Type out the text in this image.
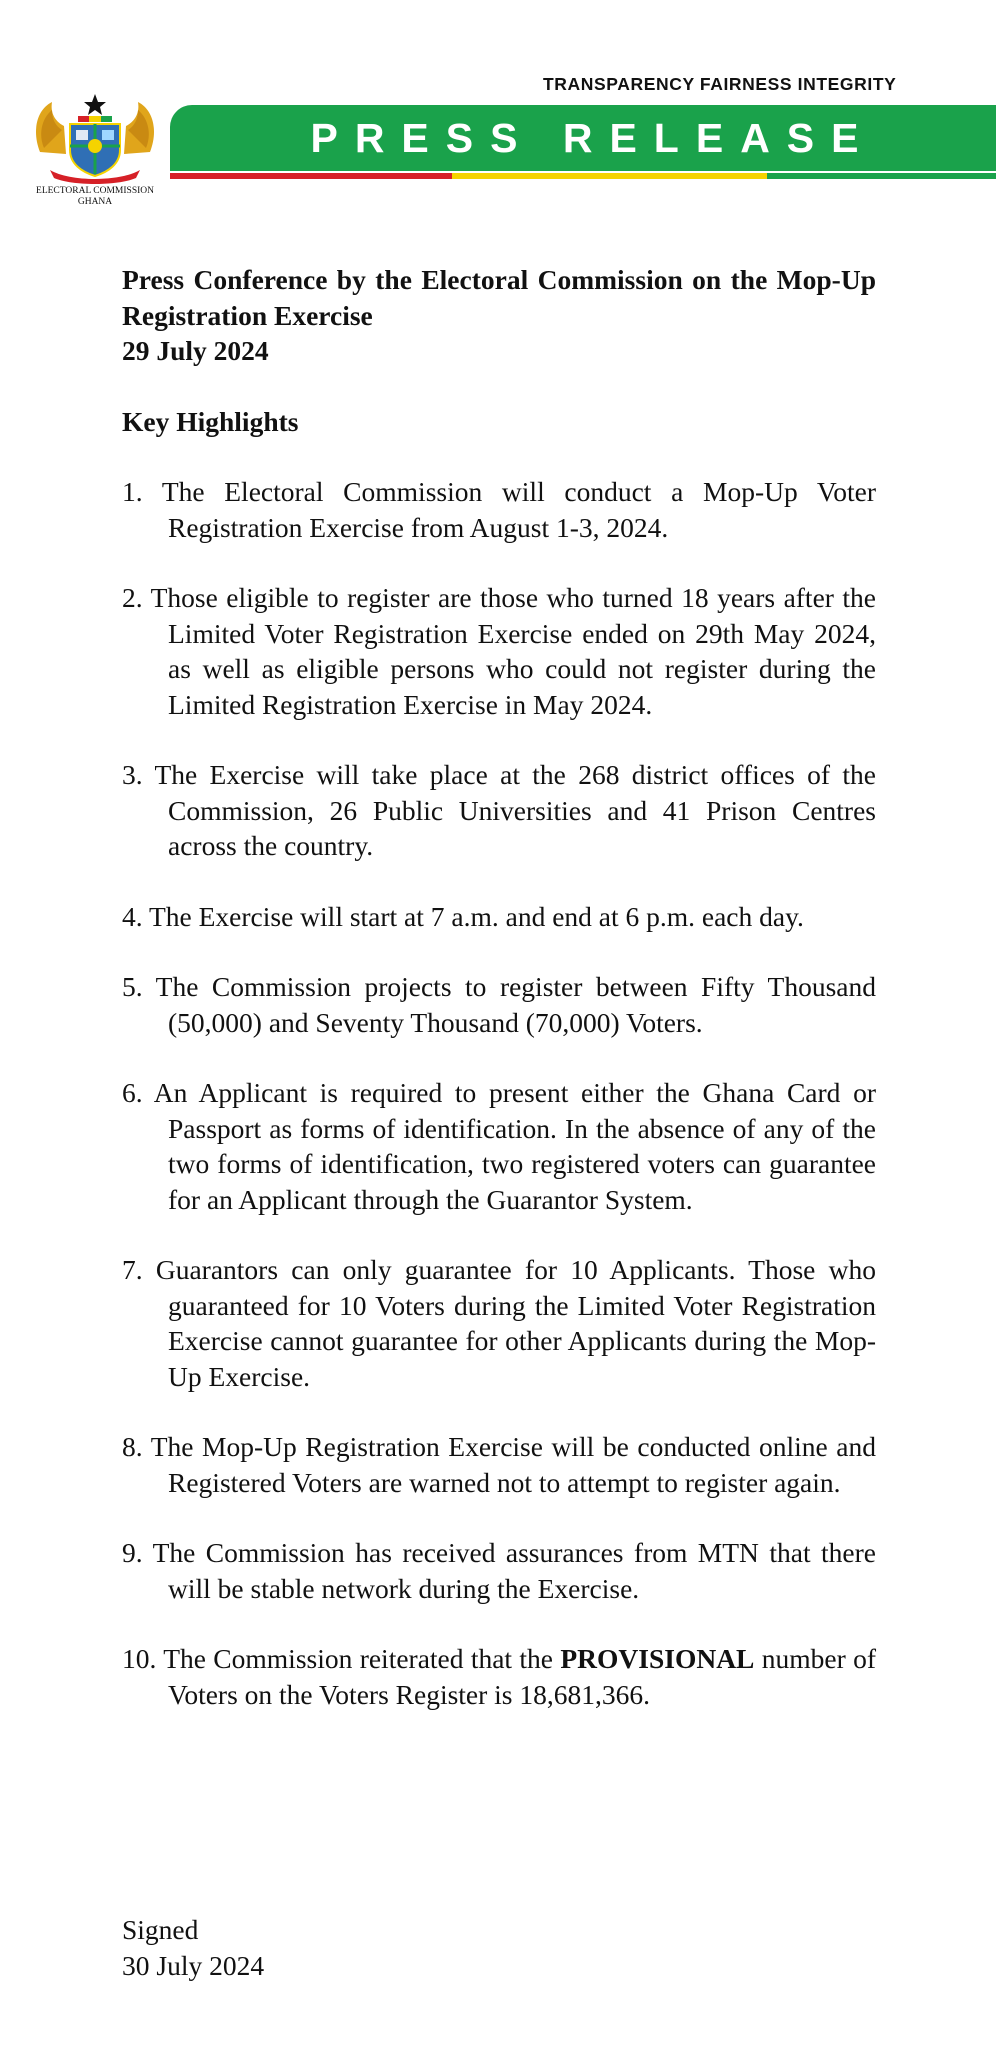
ELECTORAL COMMISSION
GHANA
TRANSPARENCY FAIRNESS INTEGRITY
PRESS RELEASE
Press Conference by the Electoral Commission on the Mop-Up Registration Exercise
29 July 2024
Key Highlights
1. The Electoral Commission will conduct a Mop-Up Voter Registration Exercise from August 1-3, 2024.
2. Those eligible to register are those who turned 18 years after the Limited Voter Registration Exercise ended on 29th May 2024, as well as eligible persons who could not register during the Limited Registration Exercise in May 2024.
3. The Exercise will take place at the 268 district offices of the Commission, 26 Public Universities and 41 Prison Centres across the country.
4. The Exercise will start at 7 a.m. and end at 6 p.m. each day.
5. The Commission projects to register between Fifty Thousand (50,000) and Seventy Thousand (70,000) Voters.
6. An Applicant is required to present either the Ghana Card or Passport as forms of identification. In the absence of any of the two forms of identification, two registered voters can guarantee for an Applicant through the Guarantor System.
7. Guarantors can only guarantee for 10 Applicants. Those who guaranteed for 10 Voters during the Limited Voter Registration Exercise cannot guarantee for other Applicants during the Mop-Up Exercise.
8. The Mop-Up Registration Exercise will be conducted online and Registered Voters are warned not to attempt to register again.
9. The Commission has received assurances from MTN that there will be stable network during the Exercise.
10. The Commission reiterated that the PROVISIONAL number of Voters on the Voters Register is 18,681,366.
Signed
30 July 2024
